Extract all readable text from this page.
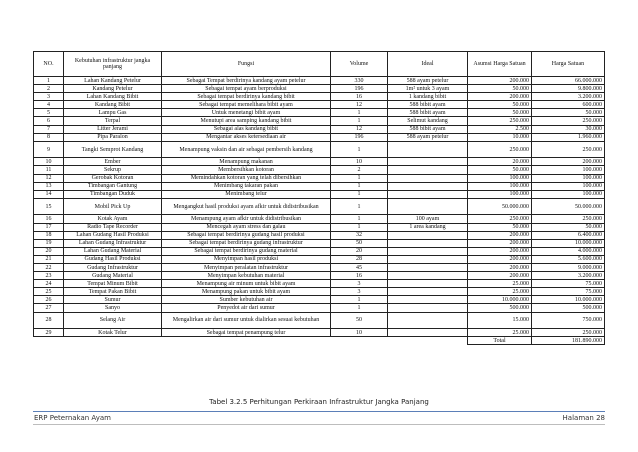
NO.	Kebutuhan infrastruktur jangka panjang	Fungsi	Volume	Ideal	Asumsi Harga Satuan	Harga Satuan
1	Lahan Kandang Petelur	Sebagai Tempat berdirinya kandang ayam petelur	330	588 ayam petelur	200.000	66.000.000
2	Kandang Petelur	Sebagai tempat ayam berproduksi	196	1m² untuk 3 ayam	50.000	9.800.000
3	Lahan Kandang Bibit	Sebagai tempat berdirinya kandang bibit	16	1 kandang bibit	200.000	3.200.000
4	Kandang Bibit	Sebagai tempat memelihara bibit ayam	12	588 bibit ayam	50.000	600.000
5	Lampu Gas	Untuk menetangi bibit ayam	1	588 bibit ayam	50.000	50.000
6	Terpal	Menutupi area samping kandang bibit	1	Selimut kandang	250.000	250.000
7	Litter Jerami	Sebagai alas kandang bibit	12	588 bibit ayam	2.500	30.000
8	Pipa Paralon	Mengantar akses ketersediaan air	196	588 ayam petelur	10.000	1.960.000
9	Tangki Semprot Kandang	Menampung vaksin dan air sebagai pembersih kandang	1		250.000	250.000
10	Ember	Menampung makanan	10		20.000	200.000
11	Sekrup	Membersihkan kotoran	2		50.000	100.000
12	Gerobak Kotoran	Memindahkan kotoran yang telah dibersihkan	1		100.000	100.000
13	Timbangan Gantung	Menimbang takaran pakan	1		100.000	100.000
14	Timbangan Duduk	Menimbang telur	1		100.000	100.000
15	Mobil Pick Up	Mengangkut hasil produksi ayam afkir untuk didistribusikan	1		50.000.000	50.000.000
16	Kotak Ayam	Menampung ayam afkir untuk didistribusikan	1	100 ayam	250.000	250.000
17	Radio Tape Recorder	Mencegah ayam stress dan galau	1	1 area kandang	50.000	50.000
18	Lahan Gudang Hasil Produksi	Sebagai tempat berdirinya gudang hasil produksi	32		200.000	6.400.000
19	Lahan Gudang Infrastruktur	Sebagai tempat berdirinya gudang infrastruktur	50		200.000	10.000.000
20	Lahan Gudang Material	Sebagai tempat berdirinya gudang material	20		200.000	4.000.000
21	Gudang Hasil Produksi	Menyimpan hasil produksi	28		200.000	5.600.000
22	Gudang Infrastruktur	Menyimpan peralatan infrastruktur	45		200.000	9.000.000
23	Gudang Material	Menyimpan kebutuhan material	16		200.000	3.200.000
24	Tempat Minum Bibit	Menampung air minum untuk bibit ayam	3		25.000	75.000
25	Tempat Pakan Bibit	Menampung pakan untuk bibit ayam	3		25.000	75.000
26	Sumur	Sumber kebutuhan air	1		10.000.000	10.000.000
27	Sanyo	Penyedot air dari sumur	1		500.000	500.000
28	Selang Air	Mengalirkan air dari sumur untuk dialirkan sesuai kebutuhan	50		15.000	750.000
29	Kotak Telur	Sebagai tempat penampung telur	10		25.000	250.000
					Total	181.890.000
Tabel 3.2.5 Perhitungan Perkiraan Infrastruktur Jangka Panjang
ERP Peternakan Ayam	Halaman 28
